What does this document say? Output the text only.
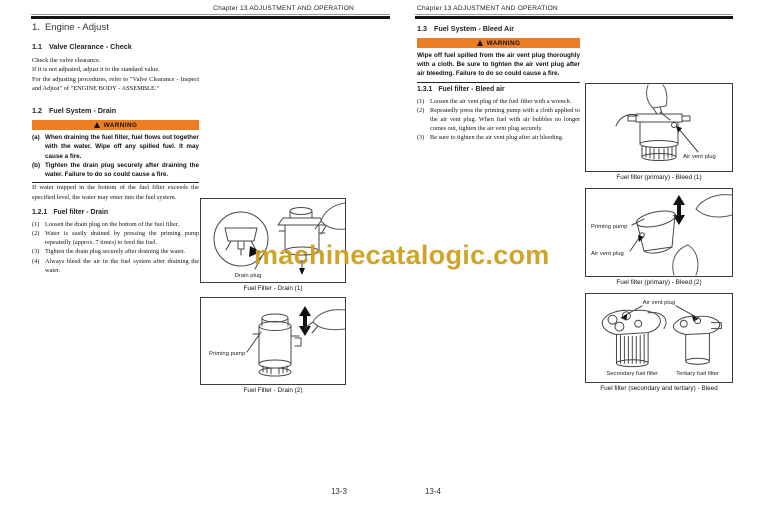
Chapter 13 ADJUSTMENT AND OPERATION
1. Engine - Adjust
1.1 Valve Clearance - Check

Check the valve clearance.

If it is not adjusted, adjust it to the standard value.

For the adjusting procedures, refer to "Valve Clearance - Inspect and Adjust" of "ENGINE BODY - ASSEMBLE."

1.2 Fuel System - Drain
WARNING
(a) When draining the fuel filter, fuel flows out together with the water. Wipe off any spilled fuel. It may cause a fire.
(b) Tighten the drain plug securely after draining the water. Failure to do so could cause a fire.

If water trapped in the bottom of the fuel filter exceeds the specified level, the water may enter into the fuel system.

1.2.1 Fuel filter - Drain
(1) Loosen the drain plug on the bottom of the fuel filter.
(2) Water is easily drained by pressing the priming pump repeatedly (approx. 7 times) to feed the fuel.
(3) Tighten the drain plug securely after draining the water.
(4) Always bleed the air in the fuel system after draining the water.
Drain plug
Fuel Filter - Drain (1)
Priming pump
Fuel Filter - Drain (2)
13-3
Chapter 13 ADJUSTMENT AND OPERATION
1.3 Fuel System - Bleed Air
WARNING
Wipe off fuel spilled from the air vent plug thoroughly with a cloth. Be sure to tighten the air vent plug after air bleeding. Failure to do so could cause a fire.
1.3.1 Fuel filter - Bleed air
(1) Loosen the air vent plug of the fuel filter with a wrench.
(2) Repeatedly press the priming pump with a cloth applied to the air vent plug. When fuel with air bubbles no longer comes out, tighten the air vent plug securely.
(3) Be sure to tighten the air vent plug after air bleeding.
Air vent plug
Fuel filter (primary) - Bleed (1)
Priming pump
Air vent plug
Fuel filter (primary) - Bleed (2)
Air vent plug
Secondary fuel filter	Tertiary fuel filter
Fuel filter (secondary and tertiary) - Bleed
13-4
machinecatalogic.com
